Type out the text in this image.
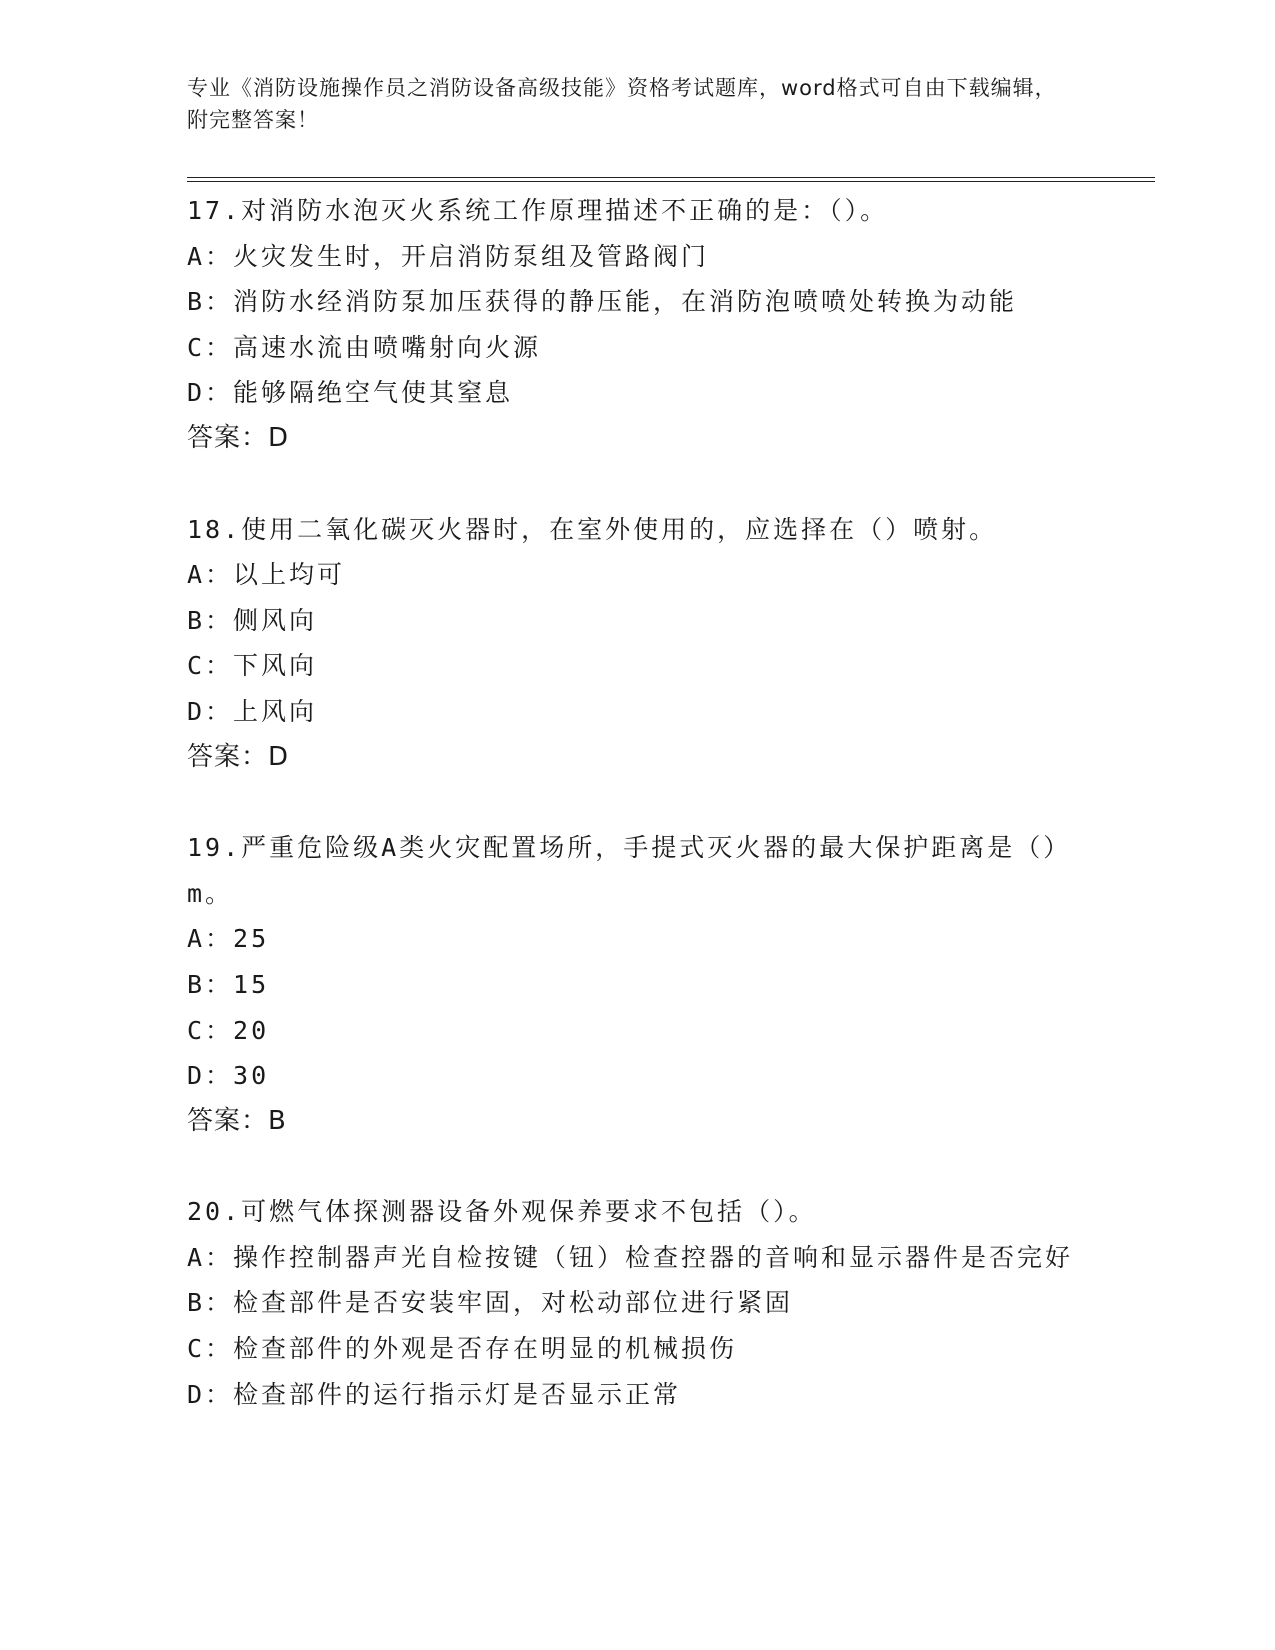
专业《消防设施操作员之消防设备高级技能》资格考试题库，word格式可自由下载编辑，附完整答案！
17.对消防水泡灭火系统工作原理描述不正确的是：（）。
A：火灾发生时，开启消防泵组及管路阀门
B：消防水经消防泵加压获得的静压能，在消防泡喷喷处转换为动能
C：高速水流由喷嘴射向火源
D：能够隔绝空气使其窒息
答案：D
18.使用二氧化碳灭火器时，在室外使用的，应选择在（）喷射。
A：以上均可
B：侧风向
C：下风向
D：上风向
答案：D
19.严重危险级A类火灾配置场所，手提式灭火器的最大保护距离是（）m。
A：25
B：15
C：20
D：30
答案：B
20.可燃气体探测器设备外观保养要求不包括（）。
A：操作控制器声光自检按键（钮）检查控器的音响和显示器件是否完好
B：检查部件是否安装牢固，对松动部位进行紧固
C：检查部件的外观是否存在明显的机械损伤
D：检查部件的运行指示灯是否显示正常
